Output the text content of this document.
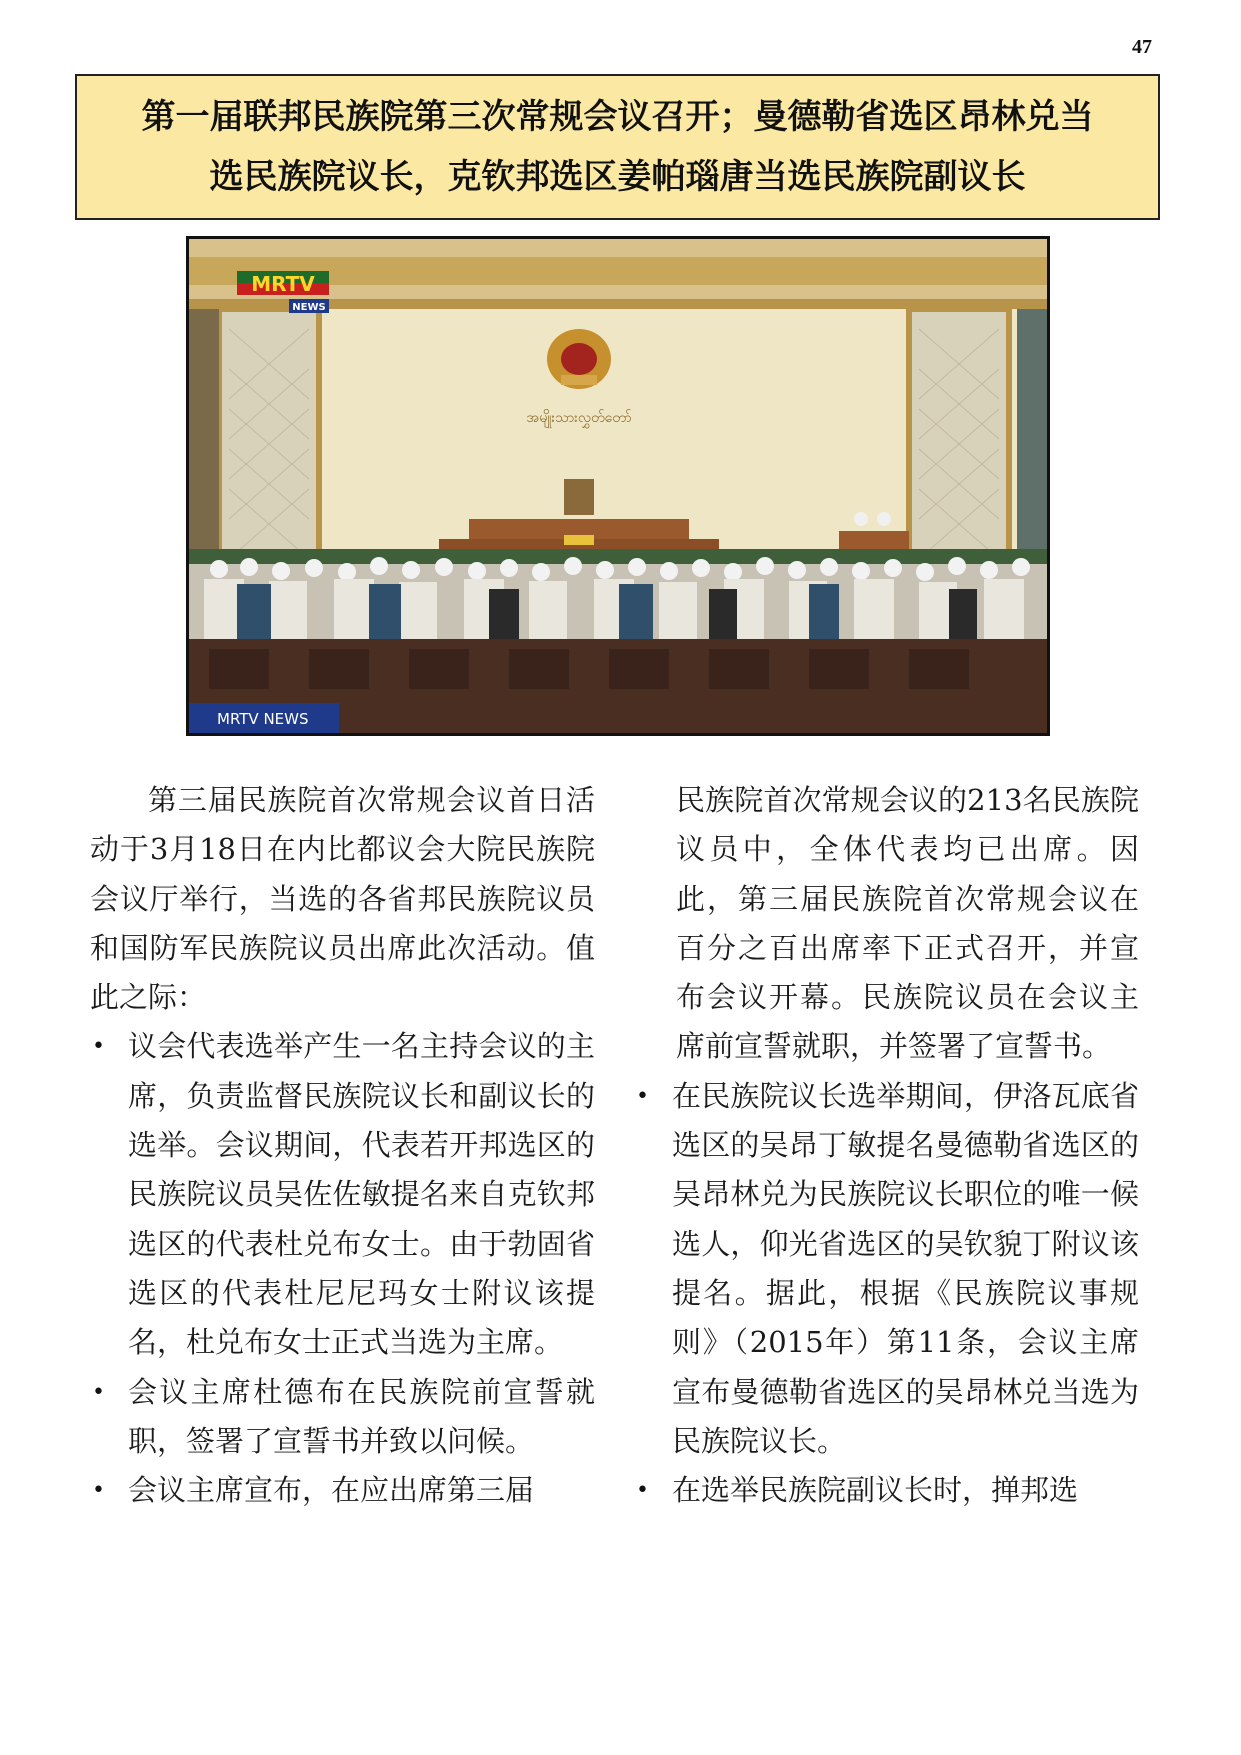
47
第一届联邦民族院第三次常规会议召开；曼德勒省选区昂林兑当
选民族院议长，克钦邦选区姜帕瑙唐当选民族院副议长
အမျိုးသားလွှတ်တော်
MRTV
NEWS
MRTV NEWS

第三届民族院首次常规会议首日活动于3月18日在内比都议会大院民族院会议厅举行，当选的各省邦民族院议员和国防军民族院议员出席此次活动。值此之际：

• 议会代表选举产生一名主持会议的主席，负责监督民族院议长和副议长的选举。会议期间，代表若开邦选区的民族院议员吴佐佐敏提名来自克钦邦选区的代表杜兑布女士。由于勃固省选区的代表杜尼尼玛女士附议该提名，杜兑布女士正式当选为主席。
• 会议主席杜德布在民族院前宣誓就职，签署了宣誓书并致以问候。
• 会议主席宣布，在应出席第三届
民族院首次常规会议的213名民族院议员中，全体代表均已出席。因此，第三届民族院首次常规会议在百分之百出席率下正式召开，并宣布会议开幕。民族院议员在会议主席前宣誓就职，并签署了宣誓书。
• 在民族院议长选举期间，伊洛瓦底省选区的吴昂丁敏提名曼德勒省选区的吴昂林兑为民族院议长职位的唯一候选人，仰光省选区的吴钦貌丁附议该提名。据此，根据《民族院议事规则》（2015年）第11条，会议主席宣布曼德勒省选区的吴昂林兑当选为民族院议长。
• 在选举民族院副议长时，掸邦选
